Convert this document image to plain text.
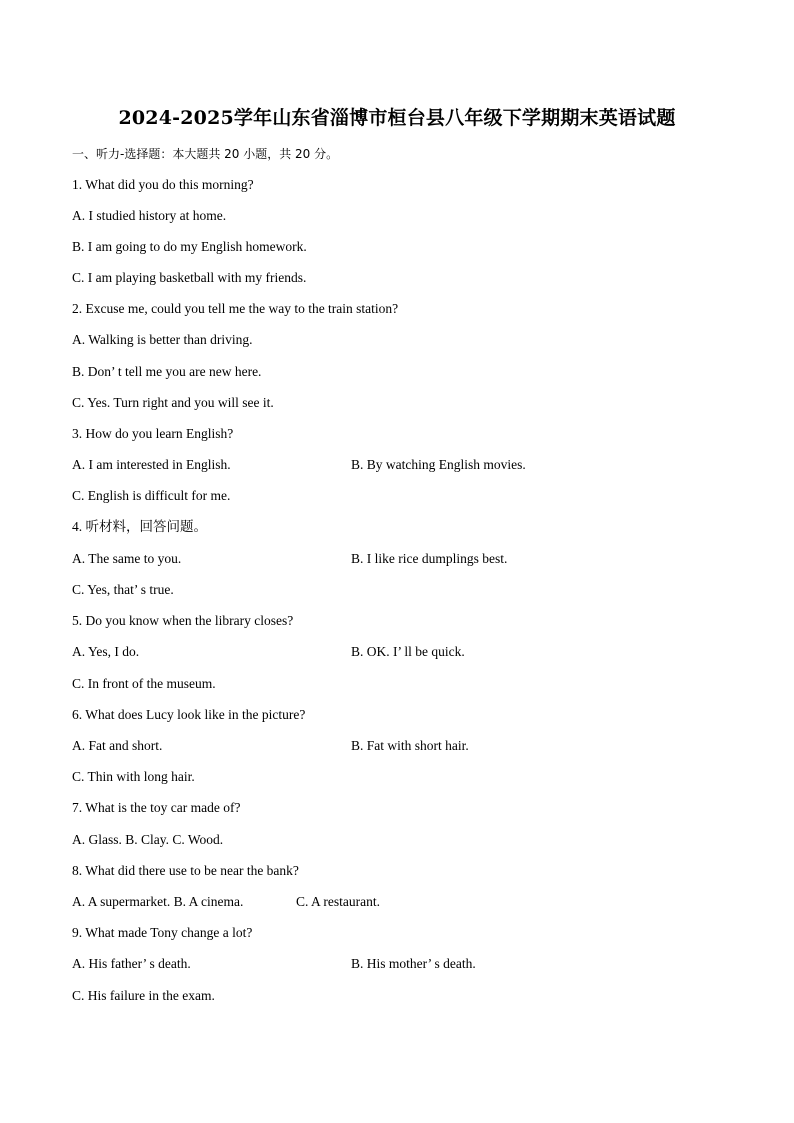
2024-2025学年山东省淄博市桓台县八年级下学期期末英语试题
一、听力-选择题：本大题共 20 小题，共 20 分。
1. What did you do this morning?
A. I studied history at home.
B. I am going to do my English homework.
C. I am playing basketball with my friends.
2. Excuse me, could you tell me the way to the train station?
A. Walking is better than driving.
B. Don’ t tell me you are new here.
C. Yes. Turn right and you will see it.
3. How do you learn English?
A. I am interested in English.	B. By watching English movies.
C. English is difficult for me.
4. 听材料，回答问题。
A. The same to you.	B. I like rice dumplings best.
C. Yes, that’ s true.
5. Do you know when the library closes?
A. Yes, I do.	B. OK. I’ ll be quick.
C. In front of the museum.
6. What does Lucy look like in the picture?
A. Fat and short.	B. Fat with short hair.
C. Thin with long hair.
7. What is the toy car made of?
A. Glass. B. Clay. C. Wood.
8. What did there use to be near the bank?
A. A supermarket. B. A cinema.	C. A restaurant.
9. What made Tony change a lot?
A. His father’ s death.	B. His mother’ s death.
C. His failure in the exam.
